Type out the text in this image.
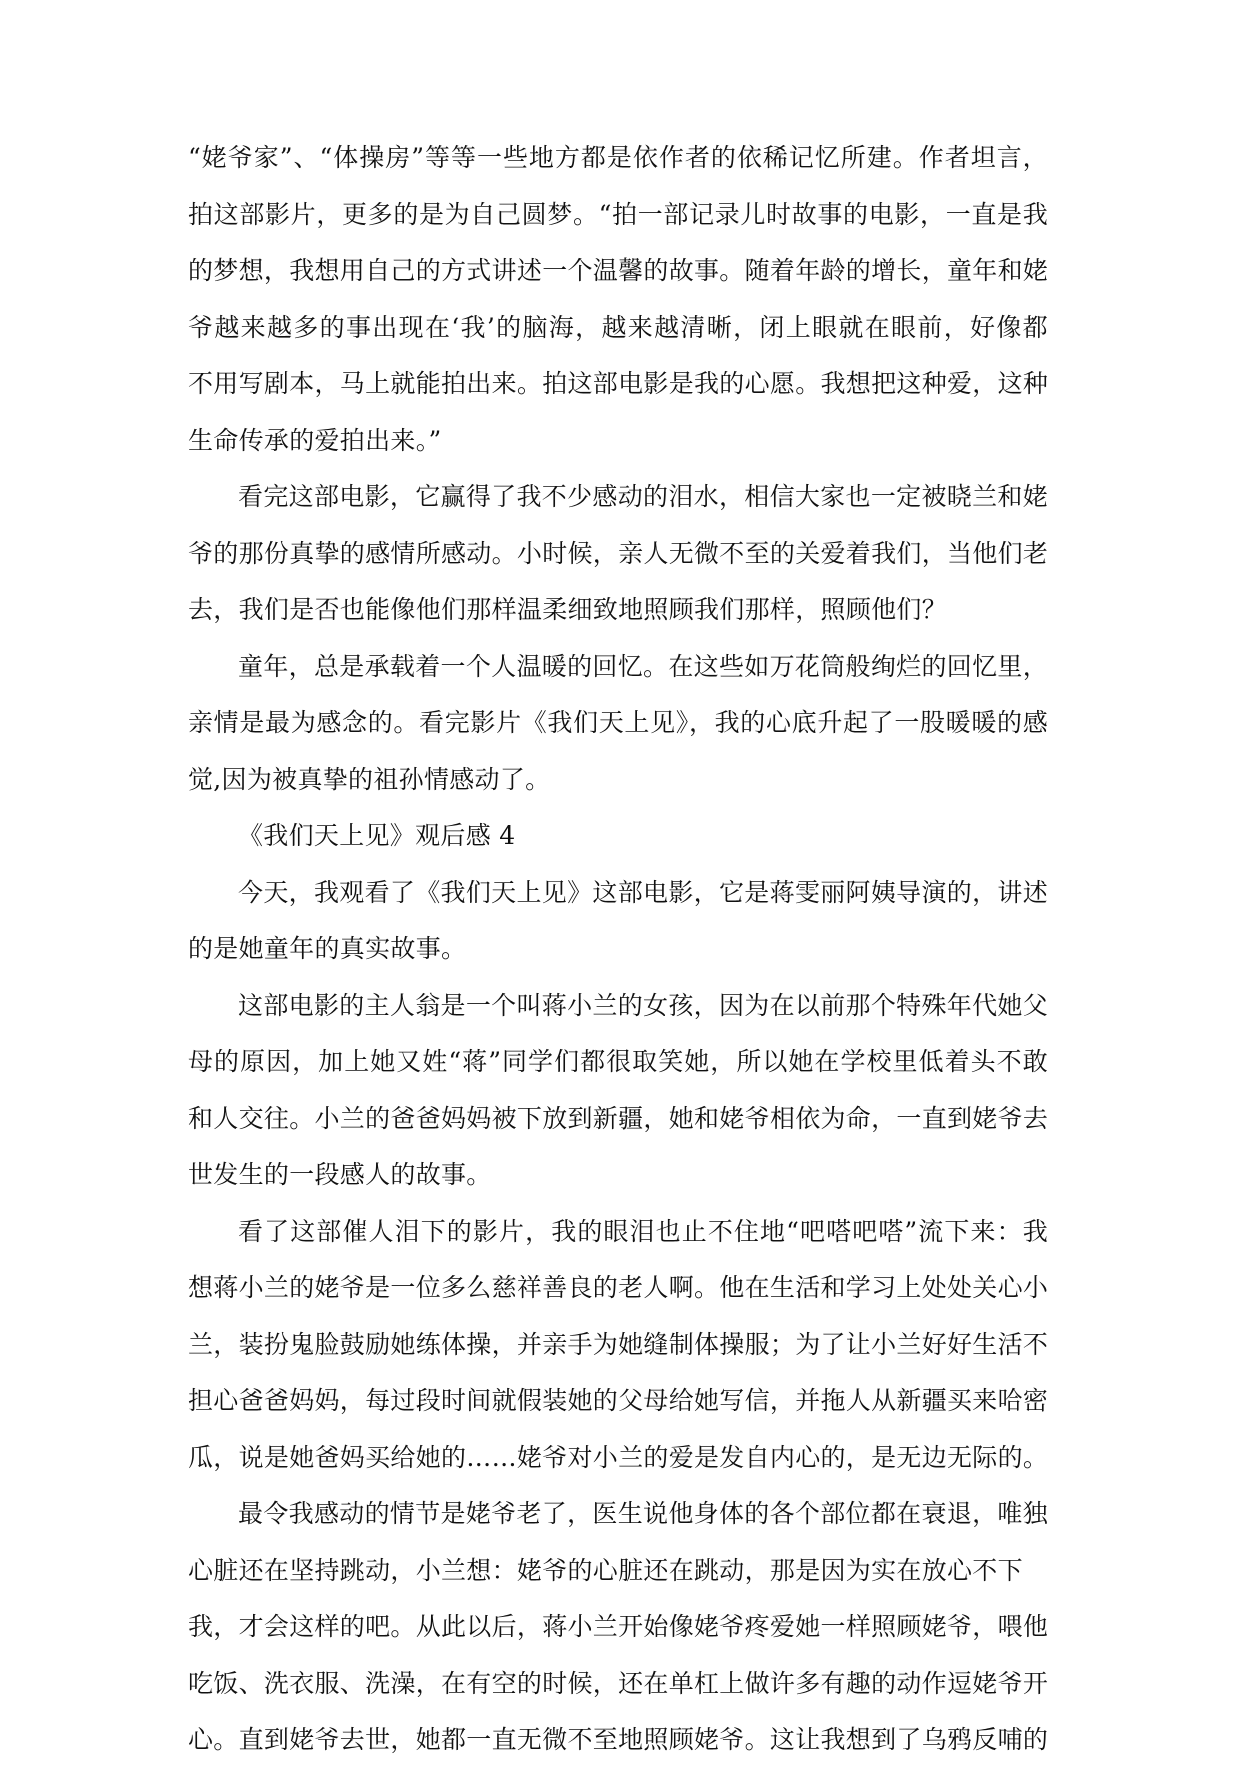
“姥爷家”、“体操房”等等一些地方都是依作者的依稀记忆所建。作者坦言，
拍这部影片，更多的是为自己圆梦。“拍一部记录儿时故事的电影，一直是我
的梦想，我想用自己的方式讲述一个温馨的故事。随着年龄的增长，童年和姥
爷越来越多的事出现在‘我’的脑海，越来越清晰，闭上眼就在眼前，好像都
不用写剧本，马上就能拍出来。拍这部电影是我的心愿。我想把这种爱，这种
生命传承的爱拍出来。”
看完这部电影，它赢得了我不少感动的泪水，相信大家也一定被晓兰和姥
爷的那份真挚的感情所感动。小时候，亲人无微不至的关爱着我们，当他们老
去，我们是否也能像他们那样温柔细致地照顾我们那样，照顾他们？
童年，总是承载着一个人温暖的回忆。在这些如万花筒般绚烂的回忆里，
亲情是最为感念的。看完影片《我们天上见》，我的心底升起了一股暖暖的感
觉,因为被真挚的祖孙情感动了。
《我们天上见》观后感 4
今天，我观看了《我们天上见》这部电影，它是蒋雯丽阿姨导演的，讲述
的是她童年的真实故事。
这部电影的主人翁是一个叫蒋小兰的女孩，因为在以前那个特殊年代她父
母的原因，加上她又姓“蒋”同学们都很取笑她，所以她在学校里低着头不敢
和人交往。小兰的爸爸妈妈被下放到新疆，她和姥爷相依为命，一直到姥爷去
世发生的一段感人的故事。
看了这部催人泪下的影片，我的眼泪也止不住地“吧嗒吧嗒”流下来：我
想蒋小兰的姥爷是一位多么慈祥善良的老人啊。他在生活和学习上处处关心小
兰，装扮鬼脸鼓励她练体操，并亲手为她缝制体操服；为了让小兰好好生活不
担心爸爸妈妈，每过段时间就假装她的父母给她写信，并拖人从新疆买来哈密
瓜，说是她爸妈买给她的……姥爷对小兰的爱是发自内心的，是无边无际的。
最令我感动的情节是姥爷老了，医生说他身体的各个部位都在衰退，唯独
心脏还在坚持跳动，小兰想：姥爷的心脏还在跳动，那是因为实在放心不下
我，才会这样的吧。从此以后，蒋小兰开始像姥爷疼爱她一样照顾姥爷，喂他
吃饭、洗衣服、洗澡，在有空的时候，还在单杠上做许多有趣的动作逗姥爷开
心。直到姥爷去世，她都一直无微不至地照顾姥爷。这让我想到了乌鸦反哺的
